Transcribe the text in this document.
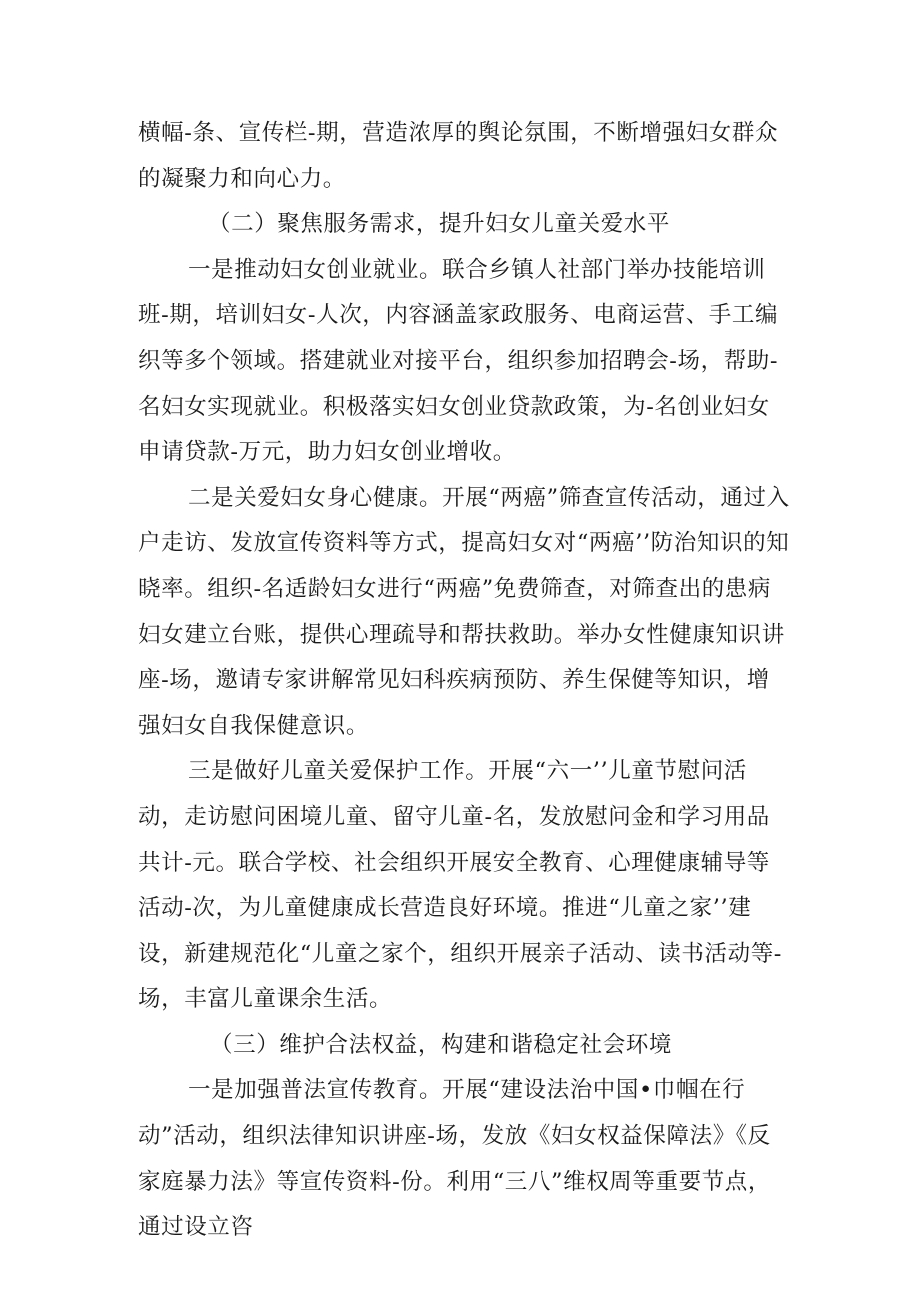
横幅-条、宣传栏-期，营造浓厚的舆论氛围，不断增强妇女群众的凝聚力和向心力。

（二）聚焦服务需求，提升妇女儿童关爱水平

一是推动妇女创业就业。联合乡镇人社部门举办技能培训班-期，培训妇女-人次，内容涵盖家政服务、电商运营、手工编织等多个领域。搭建就业对接平台，组织参加招聘会-场，帮助-名妇女实现就业。积极落实妇女创业贷款政策，为-名创业妇女申请贷款-万元，助力妇女创业增收。

二是关爱妇女身心健康。开展“两癌”筛查宣传活动，通过入户走访、发放宣传资料等方式，提高妇女对“两癌’’防治知识的知晓率。组织-名适龄妇女进行“两癌”免费筛查，对筛查出的患病妇女建立台账，提供心理疏导和帮扶救助。举办女性健康知识讲座-场，邀请专家讲解常见妇科疾病预防、养生保健等知识，增强妇女自我保健意识。

三是做好儿童关爱保护工作。开展“六一’’儿童节慰问活动，走访慰问困境儿童、留守儿童-名，发放慰问金和学习用品共计-元。联合学校、社会组织开展安全教育、心理健康辅导等活动-次，为儿童健康成长营造良好环境。推进“儿童之家’’建设，新建规范化“儿童之家个，组织开展亲子活动、读书活动等-场，丰富儿童课余生活。

（三）维护合法权益，构建和谐稳定社会环境

一是加强普法宣传教育。开展“建设法治中国•巾帼在行动”活动，组织法律知识讲座-场，发放《妇女权益保障法》《反家庭暴力法》等宣传资料-份。利用“三八”维权周等重要节点，通过设立咨
